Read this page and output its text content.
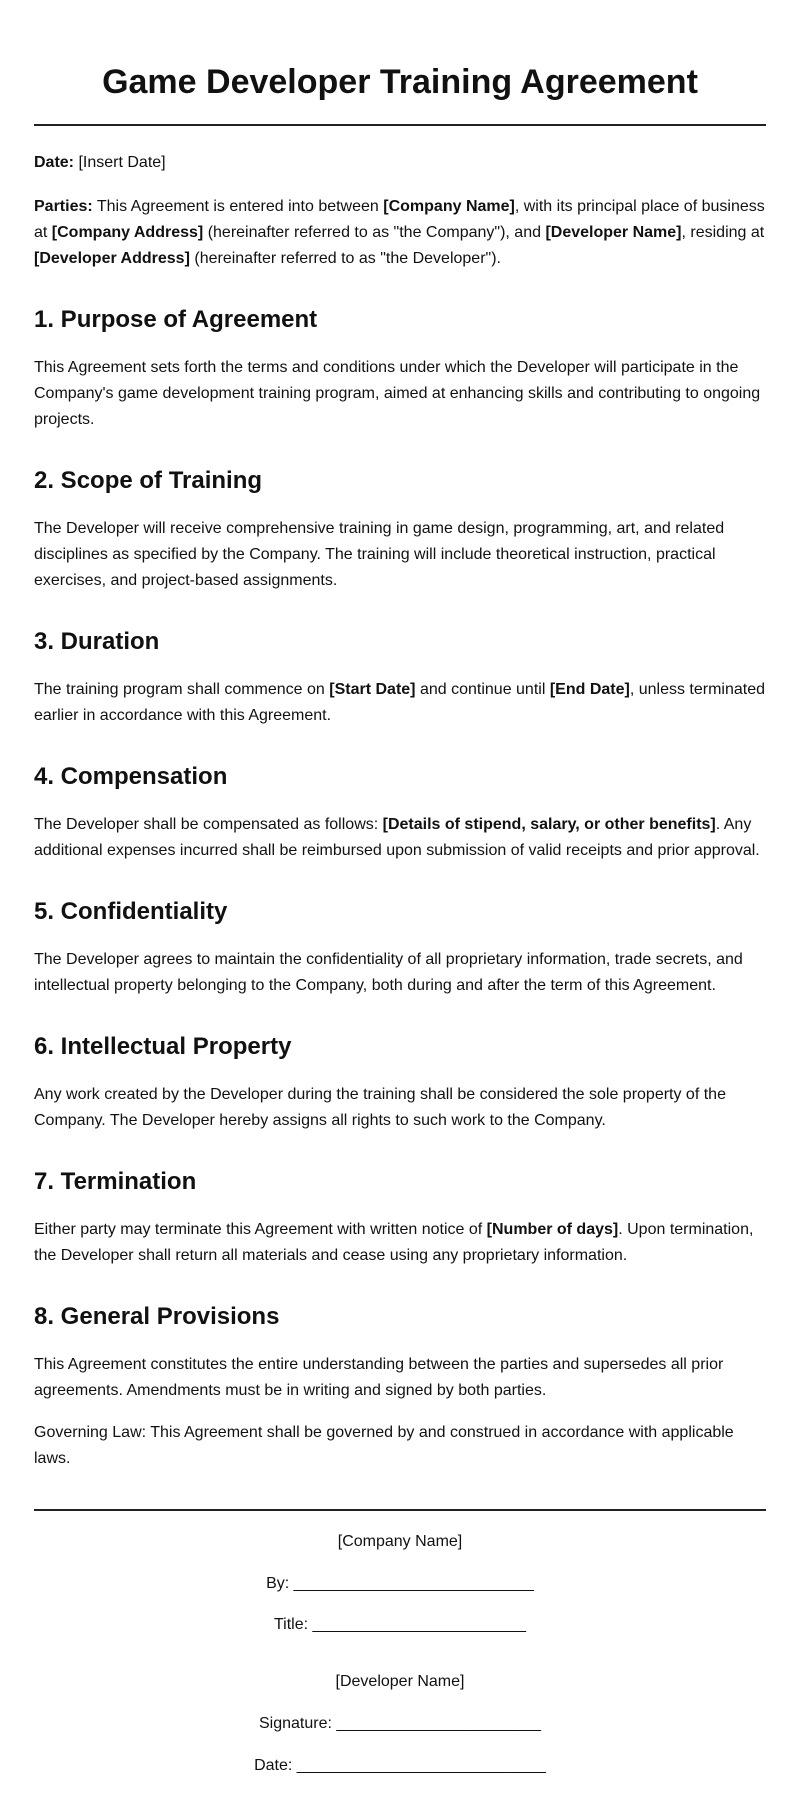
Game Developer Training Agreement

Date: [Insert Date]

Parties: This Agreement is entered into between [Company Name], with its principal place of business at [Company Address] (hereinafter referred to as "the Company"), and [Developer Name], residing at [Developer Address] (hereinafter referred to as "the Developer").

1. Purpose of Agreement

This Agreement sets forth the terms and conditions under which the Developer will participate in the Company's game development training program, aimed at enhancing skills and contributing to ongoing projects.

2. Scope of Training

The Developer will receive comprehensive training in game design, programming, art, and related disciplines as specified by the Company. The training will include theoretical instruction, practical exercises, and project-based assignments.

3. Duration

The training program shall commence on [Start Date] and continue until [End Date], unless terminated earlier in accordance with this Agreement.

4. Compensation

The Developer shall be compensated as follows: [Details of stipend, salary, or other benefits]. Any additional expenses incurred shall be reimbursed upon submission of valid receipts and prior approval.

5. Confidentiality

The Developer agrees to maintain the confidentiality of all proprietary information, trade secrets, and intellectual property belonging to the Company, both during and after the term of this Agreement.

6. Intellectual Property

Any work created by the Developer during the training shall be considered the sole property of the Company. The Developer hereby assigns all rights to such work to the Company.

7. Termination

Either party may terminate this Agreement with written notice of [Number of days]. Upon termination, the Developer shall return all materials and cease using any proprietary information.

8. General Provisions

This Agreement constitutes the entire understanding between the parties and supersedes all prior agreements. Amendments must be in writing and signed by both parties.

Governing Law: This Agreement shall be governed by and construed in accordance with applicable laws.

[Company Name]
By: ___________________________
Title: ________________________
[Developer Name]
Signature: _______________________
Date: ____________________________
